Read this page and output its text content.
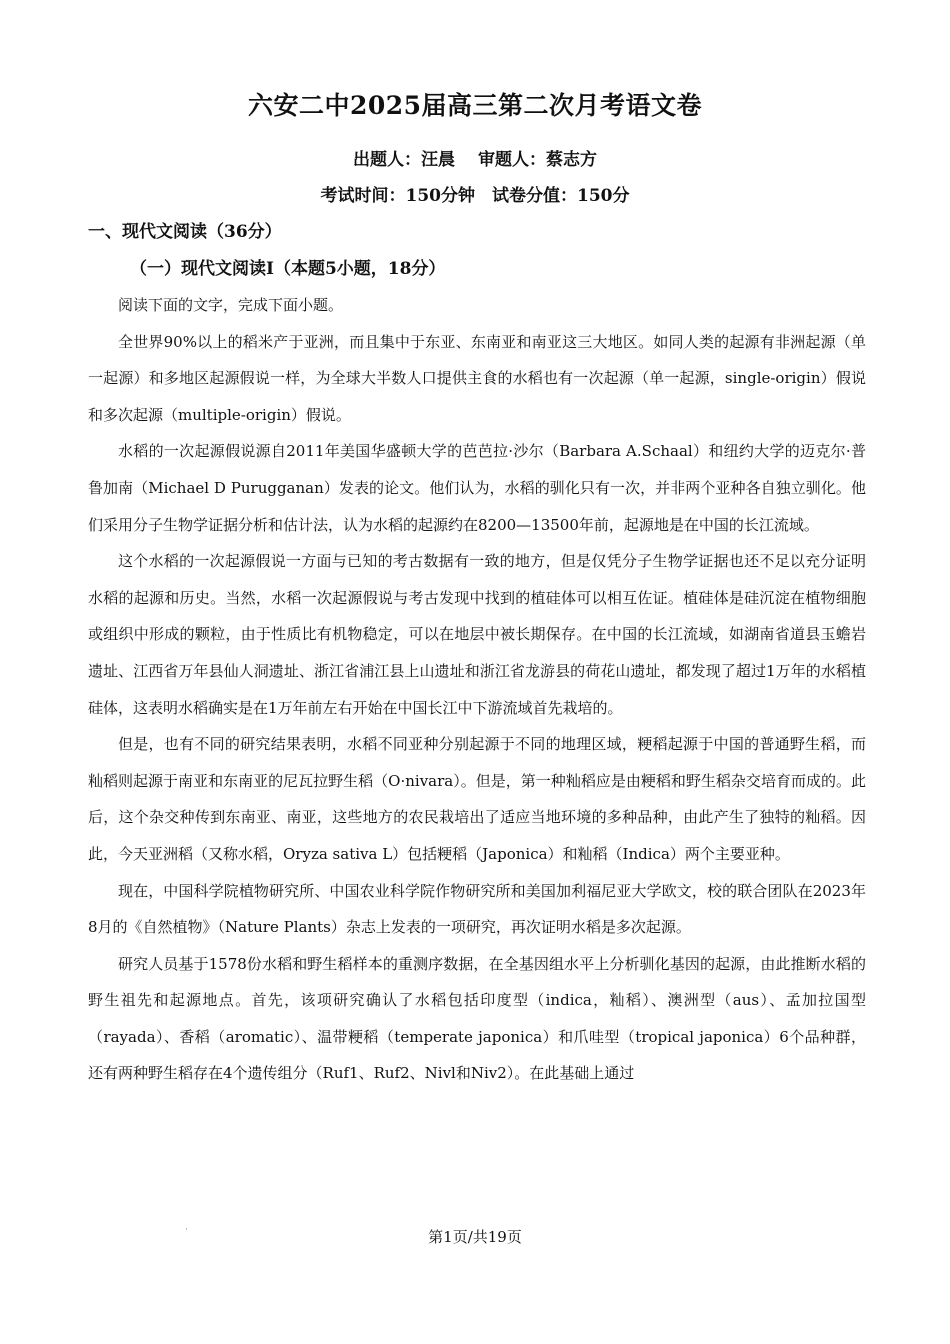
六安二中2025届高三第二次月考语文卷
出题人：汪晨　 审题人：蔡志方
考试时间：150分钟　试卷分值：150分
一、现代文阅读（36分）
（一）现代文阅读Ⅰ（本题5小题，18分）

阅读下面的文字，完成下面小题。

全世界90%以上的稻米产于亚洲，而且集中于东亚、东南亚和南亚这三大地区。如同人类的起源有非洲起源（单一起源）和多地区起源假说一样，为全球大半数人口提供主食的水稻也有一次起源（单一起源，single-origin）假说和多次起源（multiple-origin）假说。

水稻的一次起源假说源自2011年美国华盛顿大学的芭芭拉·沙尔（Barbara A.Schaal）和纽约大学的迈克尔·普鲁加南（Michael D Purugganan）发表的论文。他们认为，水稻的驯化只有一次，并非两个亚种各自独立驯化。他们采用分子生物学证据分析和估计法，认为水稻的起源约在8200—13500年前，起源地是在中国的长江流域。

这个水稻的一次起源假说一方面与已知的考古数据有一致的地方，但是仅凭分子生物学证据也还不足以充分证明水稻的起源和历史。当然，水稻一次起源假说与考古发现中找到的植硅体可以相互佐证。植硅体是硅沉淀在植物细胞或组织中形成的颗粒，由于性质比有机物稳定，可以在地层中被长期保存。在中国的长江流域，如湖南省道县玉蟾岩遗址、江西省万年县仙人洞遗址、浙江省浦江县上山遗址和浙江省龙游县的荷花山遗址，都发现了超过1万年的水稻植硅体，这表明水稻确实是在1万年前左右开始在中国长江中下游流域首先栽培的。

但是，也有不同的研究结果表明，水稻不同亚种分别起源于不同的地理区域，粳稻起源于中国的普通野生稻，而籼稻则起源于南亚和东南亚的尼瓦拉野生稻（O·nivara）。但是，第一种籼稻应是由粳稻和野生稻杂交培育而成的。此后，这个杂交种传到东南亚、南亚，这些地方的农民栽培出了适应当地环境的多种品种，由此产生了独特的籼稻。因此，今天亚洲稻（又称水稻，Oryza sativa L）包括粳稻（Japonica）和籼稻（Indica）两个主要亚种。

现在，中国科学院植物研究所、中国农业科学院作物研究所和美国加利福尼亚大学欧文，校的联合团队在2023年8月的《自然植物》（Nature Plants）杂志上发表的一项研究，再次证明水稻是多次起源。

研究人员基于1578份水稻和野生稻样本的重测序数据，在全基因组水平上分析驯化基因的起源，由此推断水稻的野生祖先和起源地点。首先，该项研究确认了水稻包括印度型（indica，籼稻）、澳洲型（aus）、孟加拉国型（rayada）、香稻（aromatic）、温带粳稻（temperate japonica）和爪哇型（tropical japonica）6个品种群，还有两种野生稻存在4个遗传组分（Ruf1、Ruf2、Nivl和Niv2）。在此基础上通过

第1页/共19页
